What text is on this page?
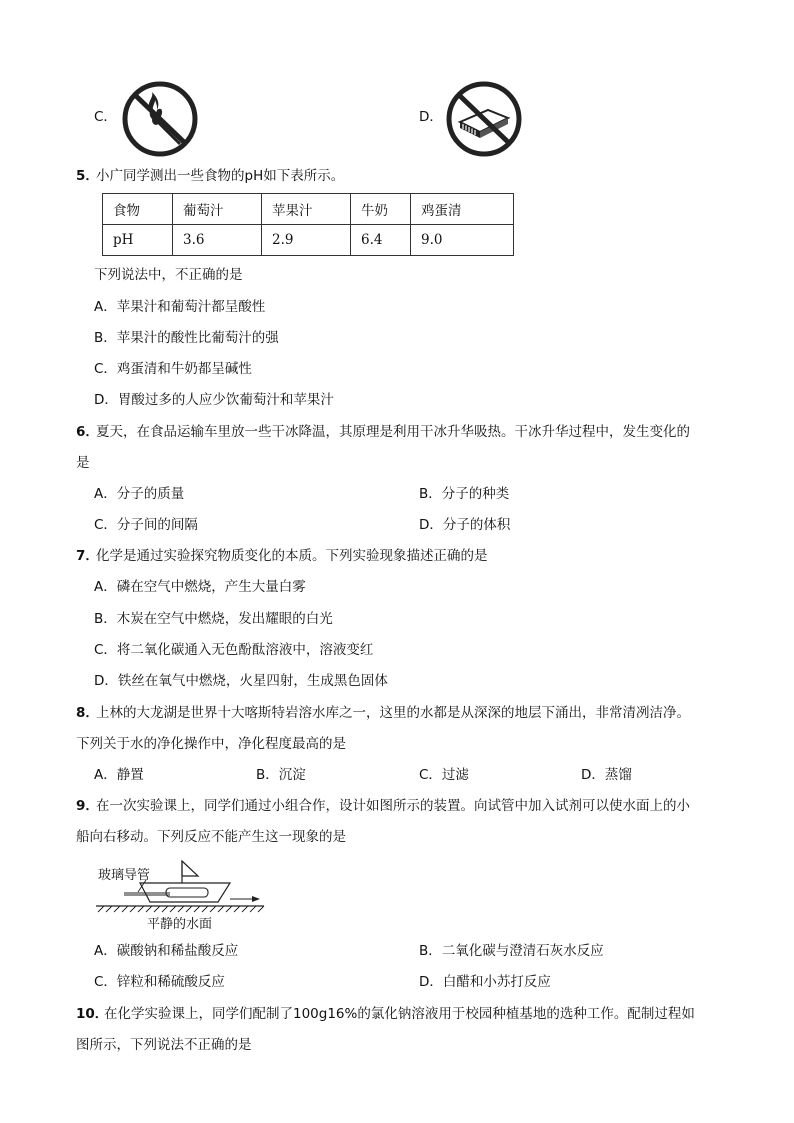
C．	D．
5．
小广同学测出一些食物的pH如下表所示。
食物	葡萄汁	苹果汁	牛奶	鸡蛋清
pH	3.6	2.9	6.4	9.0
下列说法中，不正确的是
A．苹果汁和葡萄汁都呈酸性
B．苹果汁的酸性比葡萄汁的强
C．鸡蛋清和牛奶都呈碱性
D．胃酸过多的人应少饮葡萄汁和苹果汁
6．
夏天，在食品运输车里放一些干冰降温，其原理是利用干冰升华吸热。干冰升华过程中，发生变化的
是
A．分子的质量	B．分子的种类
C．分子间的间隔	D．分子的体积
7．
化学是通过实验探究物质变化的本质。下列实验现象描述正确的是
A．磷在空气中燃烧，产生大量白雾
B．木炭在空气中燃烧，发出耀眼的白光
C．将二氧化碳通入无色酚酞溶液中，溶液变红
D．铁丝在氧气中燃烧，火星四射，生成黑色固体
8．
上林的大龙湖是世界十大喀斯特岩溶水库之一，这里的水都是从深深的地层下涌出，非常清冽洁净。
下列关于水的净化操作中，净化程度最高的是
A．静置	B．沉淀	C．过滤	D．蒸馏
9．
在一次实验课上，同学们通过小组合作，设计如图所示的装置。向试管中加入试剂可以使水面上的小
船向右移动。下列反应不能产生这一现象的是
玻璃导管
平静的水面
A．碳酸钠和稀盐酸反应	B．二氧化碳与澄清石灰水反应
C．锌粒和稀硫酸反应	D．白醋和小苏打反应
10．
在化学实验课上，同学们配制了100g16%的氯化钠溶液用于校园种植基地的选种工作。配制过程如
图所示，下列说法不正确的是
